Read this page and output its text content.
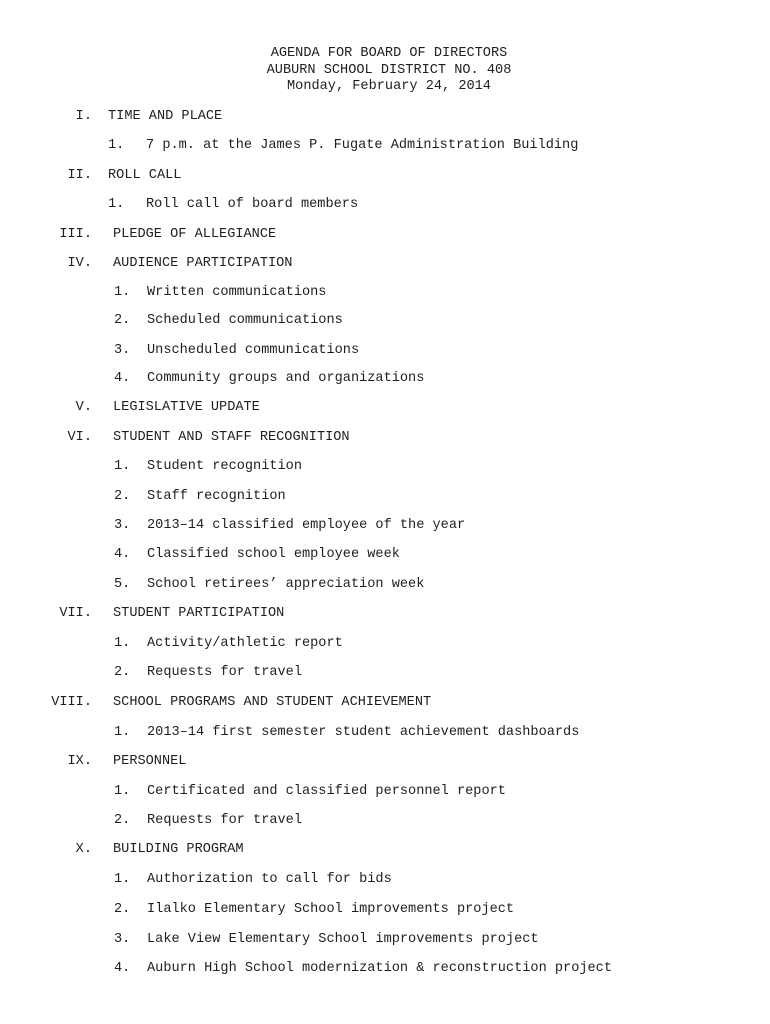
AGENDA FOR BOARD OF DIRECTORS
AUBURN SCHOOL DISTRICT NO. 408
Monday, February 24, 2014
I. TIME AND PLACE
1. 7 p.m. at the James P. Fugate Administration Building
II. ROLL CALL
1. Roll call of board members
III. PLEDGE OF ALLEGIANCE
IV. AUDIENCE PARTICIPATION
1. Written communications
2. Scheduled communications
3. Unscheduled communications
4. Community groups and organizations
V. LEGISLATIVE UPDATE
VI. STUDENT AND STAFF RECOGNITION
1. Student recognition
2. Staff recognition
3. 2013–14 classified employee of the year
4. Classified school employee week
5. School retirees’ appreciation week
VII. STUDENT PARTICIPATION
1. Activity/athletic report
2. Requests for travel
VIII. SCHOOL PROGRAMS AND STUDENT ACHIEVEMENT
1. 2013–14 first semester student achievement dashboards
IX. PERSONNEL
1. Certificated and classified personnel report
2. Requests for travel
X. BUILDING PROGRAM
1. Authorization to call for bids
2. Ilalko Elementary School improvements project
3. Lake View Elementary School improvements project
4. Auburn High School modernization & reconstruction project
